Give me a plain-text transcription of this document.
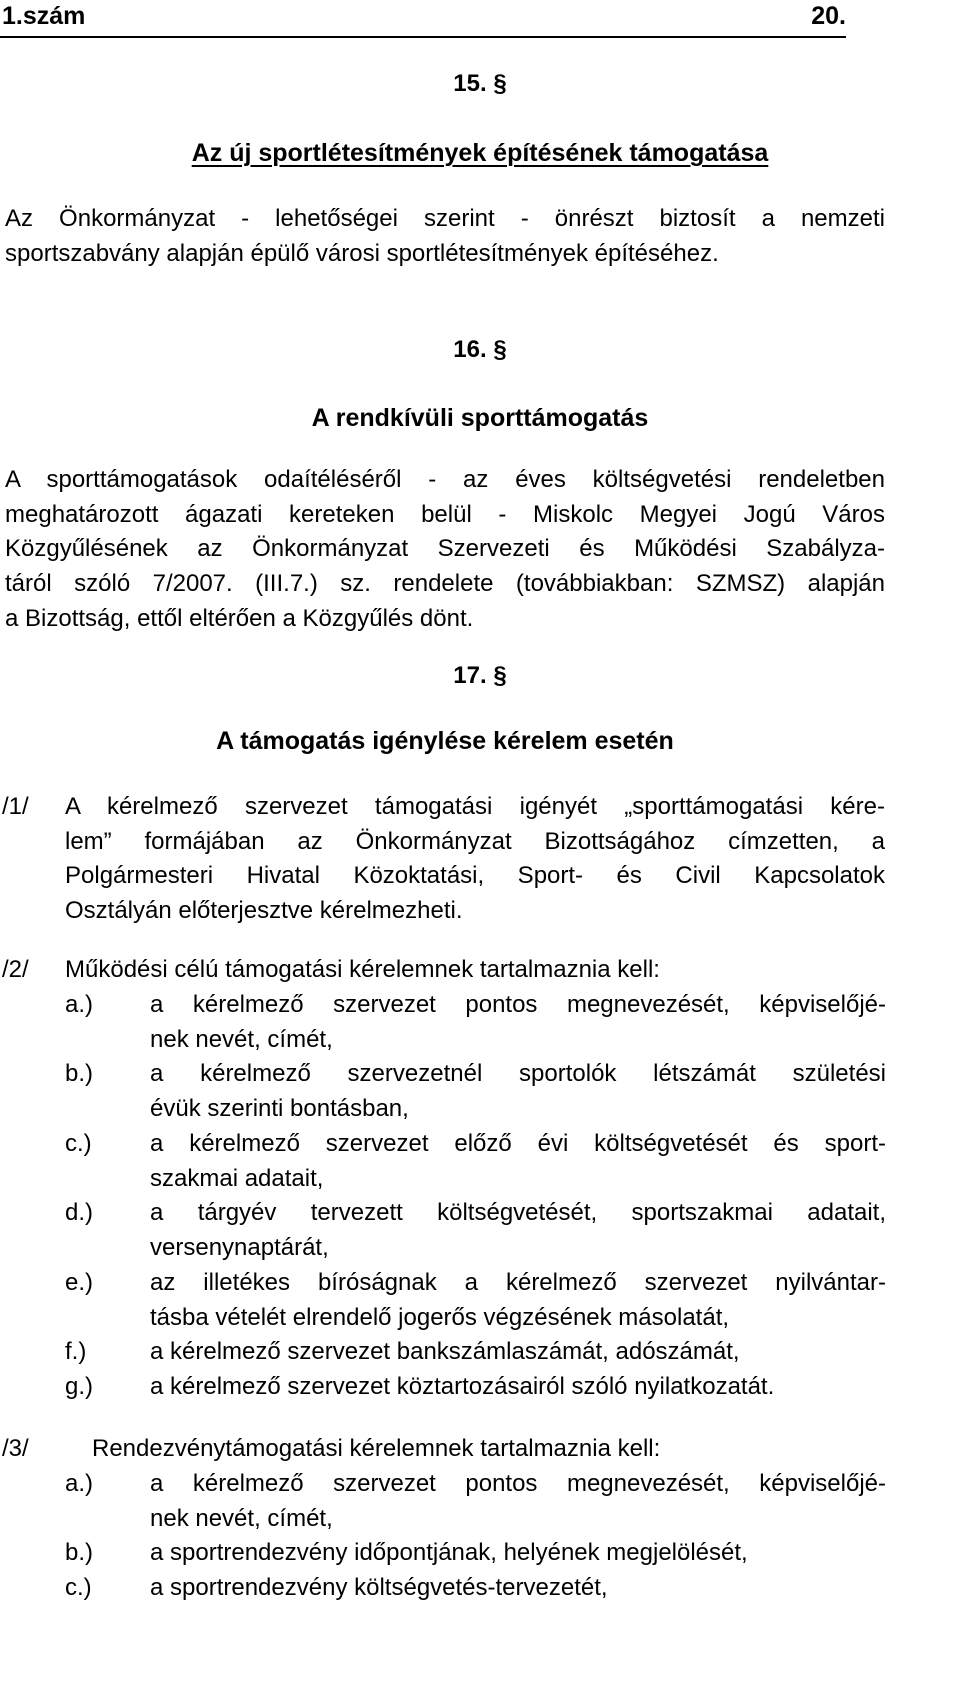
1.szám	20.
15. §
Az új sportlétesítmények építésének támogatása
Az Önkormányzat - lehetőségei szerint - önrészt biztosít a nemzeti
sportszabvány alapján épülő városi sportlétesítmények építéséhez.
16. §
A rendkívüli sporttámogatás
A sporttámogatások odaítéléséről - az éves költségvetési rendeletben
meghatározott ágazati kereteken belül - Miskolc Megyei Jogú Város
Közgyűlésének az Önkormányzat Szervezeti és Működési Szabályza-
táról szóló 7/2007. (III.7.) sz. rendelete (továbbiakban: SZMSZ) alapján
a Bizottság, ettől eltérően a Közgyűlés dönt.
17. §
A támogatás igénylése kérelem esetén
/1/ A kérelmező szervezet támogatási igényét „sporttámogatási kére-
lem” formájában az Önkormányzat Bizottságához címzetten, a
Polgármesteri Hivatal Közoktatási, Sport- és Civil Kapcsolatok
Osztályán előterjesztve kérelmezheti.
/2/ Működési célú támogatási kérelemnek tartalmaznia kell:
a.) a kérelmező szervezet pontos megnevezését, képviselőjé-
nek nevét, címét,
b.) a kérelmező szervezetnél sportolók létszámát születési
évük szerinti bontásban,
c.) a kérelmező szervezet előző évi költségvetését és sport-
szakmai adatait,
d.) a tárgyév tervezett költségvetését, sportszakmai adatait,
versenynaptárát,
e.) az illetékes bíróságnak a kérelmező szervezet nyilvántar-
tásba vételét elrendelő jogerős végzésének másolatát,
f.)	a kérelmező szervezet bankszámlaszámát, adószámát,
g.) a kérelmező szervezet köztartozásairól szóló nyilatkozatát.
/3/	Rendezvénytámogatási kérelemnek tartalmaznia kell:
a.) a kérelmező szervezet pontos megnevezését, képviselőjé-
nek nevét, címét,
b.) a sportrendezvény időpontjának, helyének megjelölését,
c.) a sportrendezvény költségvetés-tervezetét,
